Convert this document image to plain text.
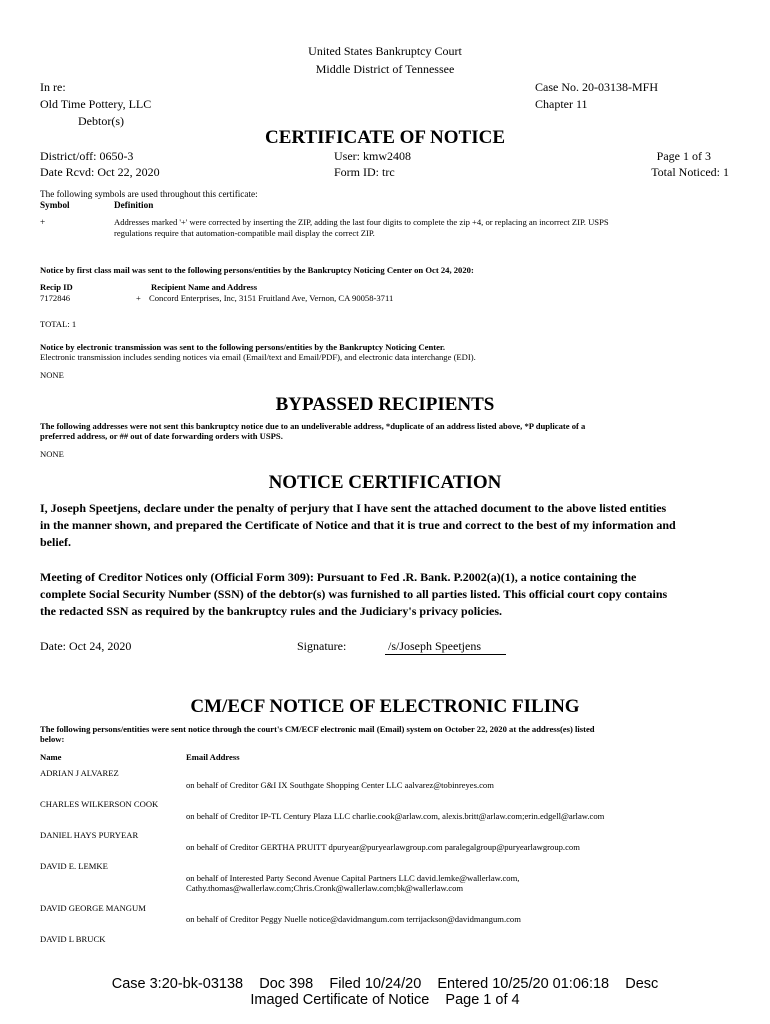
United States Bankruptcy Court
Middle District of Tennessee
In re:
Old Time Pottery, LLC
Debtor(s)
Case No. 20-03138-MFH
Chapter 11
CERTIFICATE OF NOTICE
District/off: 0650-3
Date Rcvd: Oct 22, 2020
User: kmw2408
Form ID: trc
Page 1 of 3
Total Noticed: 1
The following symbols are used throughout this certificate:
Symbol	Definition
+	Addresses marked '+' were corrected by inserting the ZIP, adding the last four digits to complete the zip +4, or replacing an incorrect ZIP. USPS
regulations require that automation-compatible mail display the correct ZIP.
Notice by first class mail was sent to the following persons/entities by the Bankruptcy Noticing Center on Oct 24, 2020:
Recip ID	Recipient Name and Address
7172846	+ Concord Enterprises, Inc, 3151 Fruitland Ave, Vernon, CA 90058-3711
TOTAL: 1
Notice by electronic transmission was sent to the following persons/entities by the Bankruptcy Noticing Center.
Electronic transmission includes sending notices via email (Email/text and Email/PDF), and electronic data interchange (EDI).
NONE
BYPASSED RECIPIENTS
The following addresses were not sent this bankruptcy notice due to an undeliverable address, *duplicate of an address listed above, *P duplicate of a
preferred address, or ## out of date forwarding orders with USPS.
NONE
NOTICE CERTIFICATION
I, Joseph Speetjens, declare under the penalty of perjury that I have sent the attached document to the above listed entities
in the manner shown, and prepared the Certificate of Notice and that it is true and correct to the best of my information and
belief.
Meeting of Creditor Notices only (Official Form 309): Pursuant to Fed .R. Bank. P.2002(a)(1), a notice containing the
complete Social Security Number (SSN) of the debtor(s) was furnished to all parties listed. This official court copy contains
the redacted SSN as required by the bankruptcy rules and the Judiciary's privacy policies.
Date: Oct 24, 2020	Signature:	/s/Joseph Speetjens
CM/ECF NOTICE OF ELECTRONIC FILING
The following persons/entities were sent notice through the court's CM/ECF electronic mail (Email) system on October 22, 2020 at the address(es) listed
below:
Name	Email Address
ADRIAN J ALVAREZ
on behalf of Creditor G&I IX Southgate Shopping Center LLC aalvarez@tobinreyes.com
CHARLES WILKERSON COOK
on behalf of Creditor IP-TL Century Plaza LLC charlie.cook@arlaw.com, alexis.britt@arlaw.com;erin.edgell@arlaw.com
DANIEL HAYS PURYEAR
on behalf of Creditor GERTHA PRUITT dpuryear@puryearlawgroup.com paralegalgroup@puryearlawgroup.com
DAVID E. LEMKE
on behalf of Interested Party Second Avenue Capital Partners LLC david.lemke@wallerlaw.com,
Cathy.thomas@wallerlaw.com;Chris.Cronk@wallerlaw.com;bk@wallerlaw.com
DAVID GEORGE MANGUM
on behalf of Creditor Peggy Nuelle notice@davidmangum.com terrijackson@davidmangum.com
DAVID L BRUCK
Case 3:20-bk-03138    Doc 398    Filed 10/24/20    Entered 10/25/20 01:06:18    Desc
Imaged Certificate of Notice    Page 1 of 4
